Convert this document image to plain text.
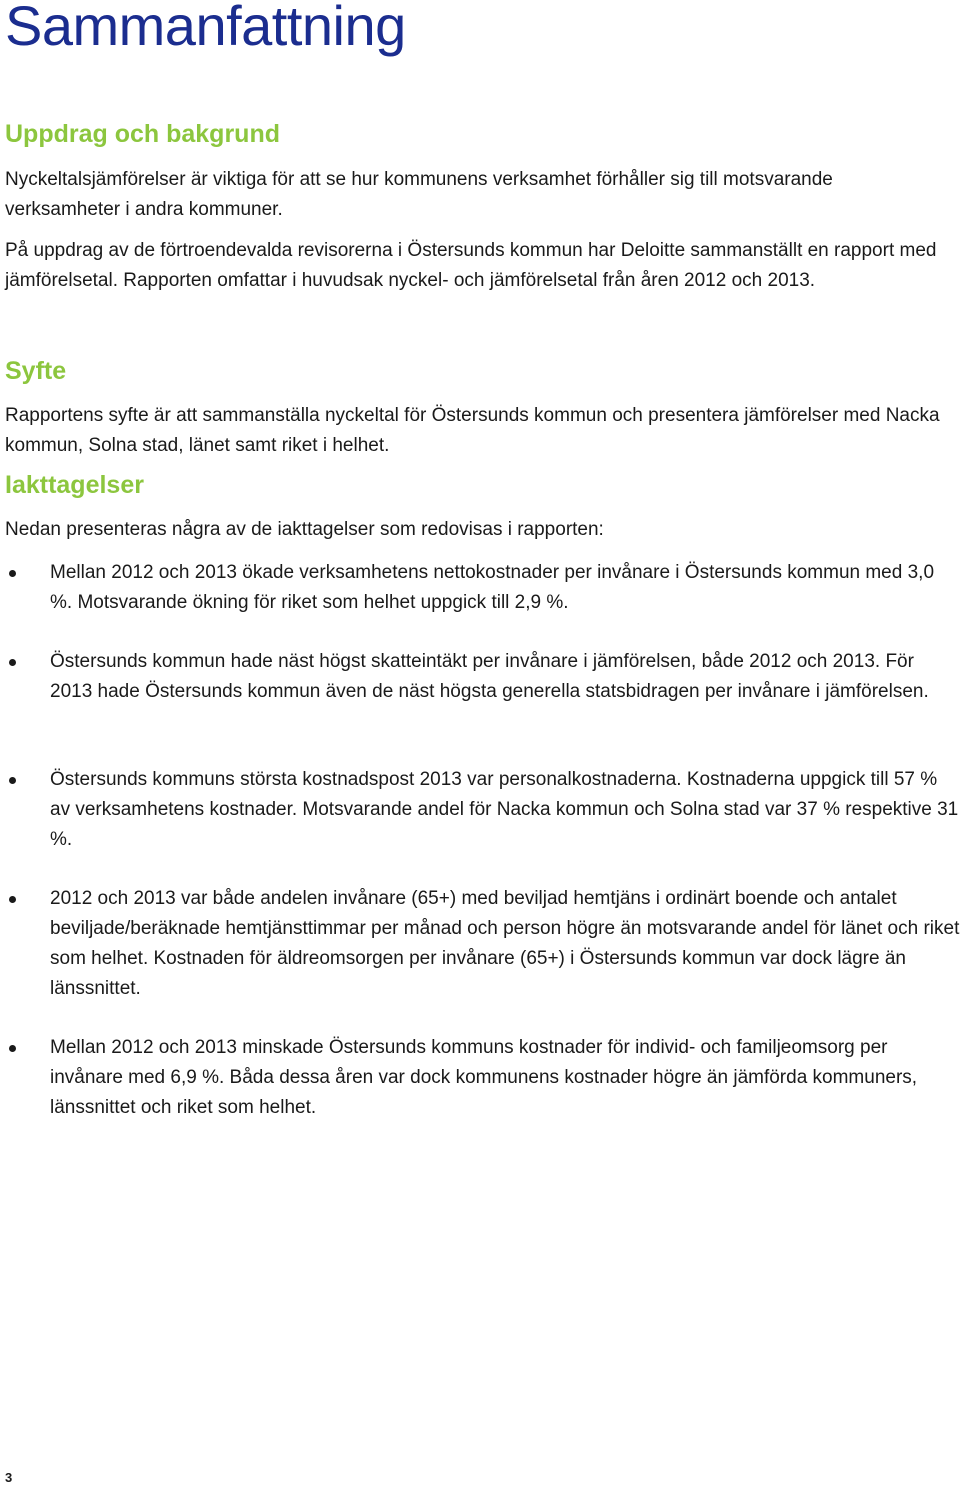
Sammanfattning
Uppdrag och bakgrund

Nyckeltalsjämförelser är viktiga för att se hur kommunens verksamhet förhåller sig till motsvarande verksamheter i andra kommuner.

På uppdrag av de förtroendevalda revisorerna i Östersunds kommun har Deloitte sammanställt en rapport med jämförelsetal. Rapporten omfattar i huvudsak nyckel- och jämförelsetal från åren 2012 och 2013.

Syfte

Rapportens syfte är att sammanställa nyckeltal för Östersunds kommun och presentera jämförelser med Nacka kommun, Solna stad, länet samt riket i helhet.

Iakttagelser

Nedan presenteras några av de iakttagelser som redovisas i rapporten:

Mellan 2012 och 2013 ökade verksamhetens nettokostnader per invånare i Östersunds kommun med 3,0 %. Motsvarande ökning för riket som helhet uppgick till 2,9 %.

Östersunds kommun hade näst högst skatteintäkt per invånare i jämförelsen, både 2012 och 2013. För 2013 hade Östersunds kommun även de näst högsta generella statsbidragen per invånare i jämförelsen.

Östersunds kommuns största kostnadspost 2013 var personalkostnaderna. Kostnaderna uppgick till 57 % av verksamhetens kostnader. Motsvarande andel för Nacka kommun och Solna stad var 37 % respektive 31 %.

2012 och 2013 var både andelen invånare (65+) med beviljad hemtjäns i ordinärt boende och antalet beviljade/beräknade hemtjänsttimmar per månad och person högre än motsvarande andel för länet och riket som helhet. Kostnaden för äldreomsorgen per invånare (65+) i Östersunds kommun var dock lägre än länssnittet.

Mellan 2012 och 2013 minskade Östersunds kommuns kostnader för individ- och familjeomsorg per invånare med 6,9 %. Båda dessa åren var dock kommunens kostnader högre än jämförda kommuners, länssnittet och riket som helhet.

3
